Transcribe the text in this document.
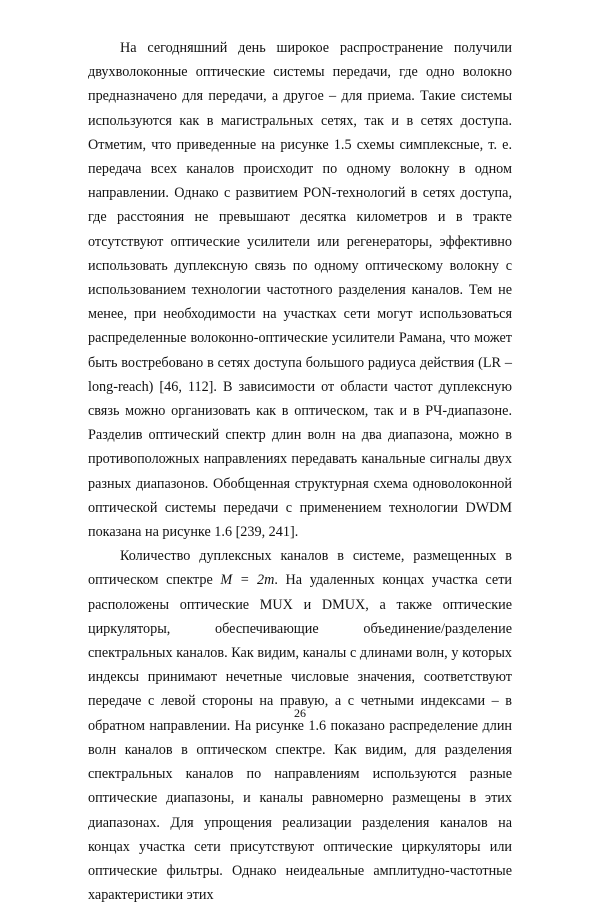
На сегодняшний день широкое распространение получили двухволоконные оптические системы передачи, где одно волокно предназначено для передачи, а другое – для приема. Такие системы используются как в магистральных сетях, так и в сетях доступа. Отметим, что приведенные на рисунке 1.5 схемы симплексные, т. е. передача всех каналов происходит по одному волокну в одном направлении. Однако с развитием PON-технологий в сетях доступа, где расстояния не превышают десятка километров и в тракте отсутствуют оптические усилители или регенераторы, эффективно использовать дуплексную связь по одному оптическому волокну с использованием технологии частотного разделения каналов. Тем не менее, при необходимости на участках сети могут использоваться распределенные волоконно-оптические усилители Рамана, что может быть востребовано в сетях доступа большого радиуса действия (LR – long-reach) [46, 112]. В зависимости от области частот дуплексную связь можно организовать как в оптическом, так и в РЧ-диапазоне. Разделив оптический спектр длин волн на два диапазона, можно в противоположных направлениях передавать канальные сигналы двух разных диапазонов. Обобщенная структурная схема одноволоконной оптической системы передачи с применением технологии DWDM показана на рисунке 1.6 [239, 241].

Количество дуплексных каналов в системе, размещенных в оптическом спектре M = 2m. На удаленных концах участка сети расположены оптические MUX и DMUX, а также оптические циркуляторы, обеспечивающие объединение/разделение спектральных каналов. Как видим, каналы с длинами волн, у которых индексы принимают нечетные числовые значения, соответствуют передаче с левой стороны на правую, а с четными индексами – в обратном направлении. На рисунке 1.6 показано распределение длин волн каналов в оптическом спектре. Как видим, для разделения спектральных каналов по направлениям используются разные оптические диапазоны, и каналы равномерно размещены в этих диапазонах. Для упрощения реализации разделения каналов на концах участка сети присутствуют оптические циркуляторы или оптические фильтры. Однако неидеальные амплитудно-частотные характеристики этих

26
